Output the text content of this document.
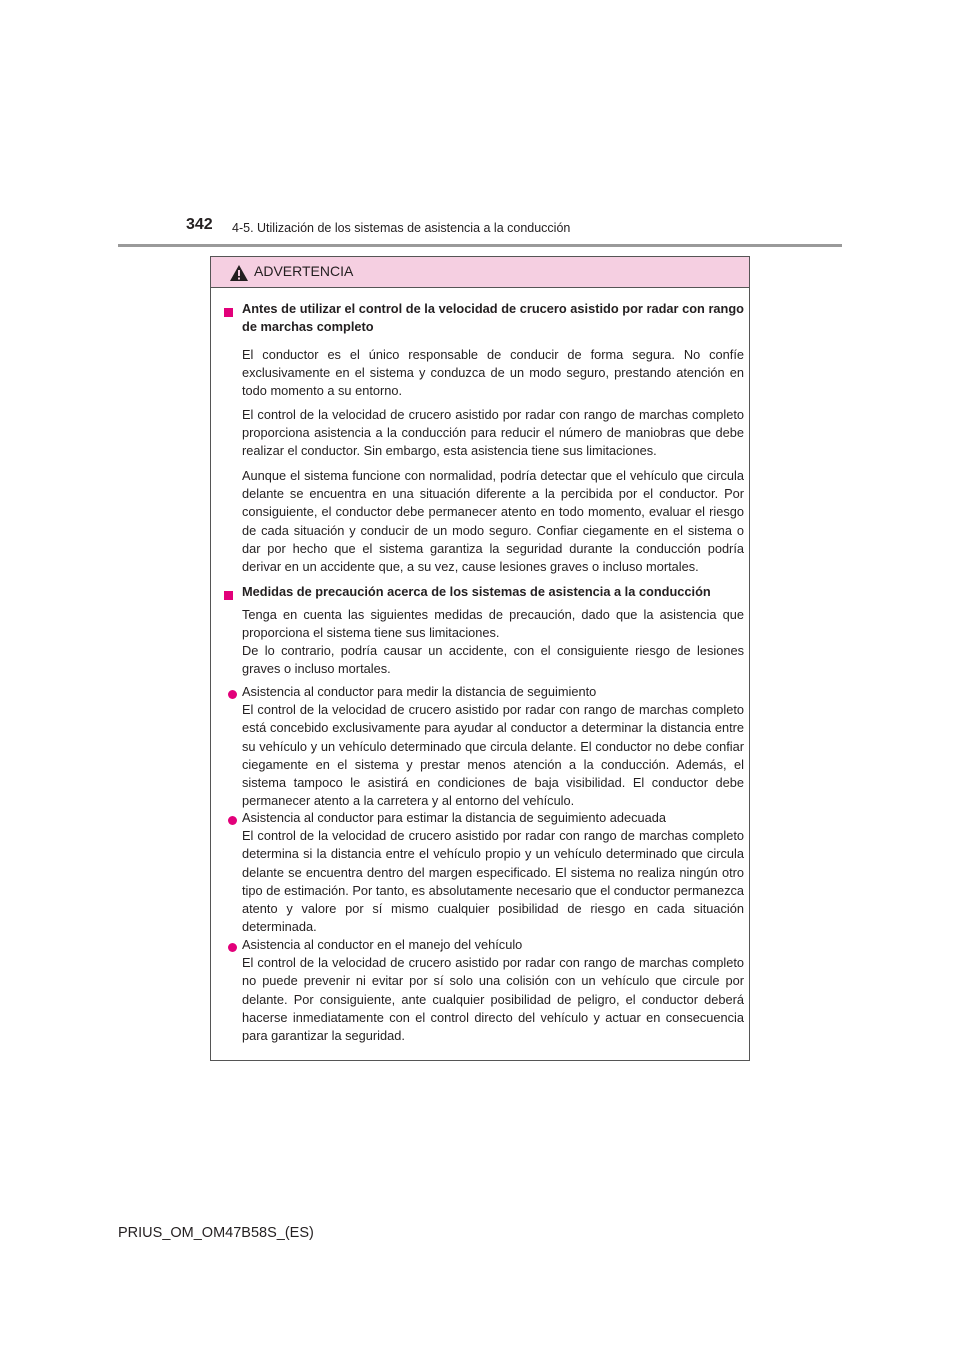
342 4-5. Utilización de los sistemas de asistencia a la conducción
ADVERTENCIA
Antes de utilizar el control de la velocidad de crucero asistido por radar con rango de marchas completo
El conductor es el único responsable de conducir de forma segura. No confíe exclusivamente en el sistema y conduzca de un modo seguro, prestando atención en todo momento a su entorno.
El control de la velocidad de crucero asistido por radar con rango de marchas completo proporciona asistencia a la conducción para reducir el número de maniobras que debe realizar el conductor. Sin embargo, esta asistencia tiene sus limitaciones.
Aunque el sistema funcione con normalidad, podría detectar que el vehículo que circula delante se encuentra en una situación diferente a la percibida por el conductor. Por consiguiente, el conductor debe permanecer atento en todo momento, evaluar el riesgo de cada situación y conducir de un modo seguro. Confiar ciegamente en el sistema o dar por hecho que el sistema garantiza la seguridad durante la conducción podría derivar en un accidente que, a su vez, cause lesiones graves o incluso mortales.
Medidas de precaución acerca de los sistemas de asistencia a la conducción
Tenga en cuenta las siguientes medidas de precaución, dado que la asistencia que proporciona el sistema tiene sus limitaciones.
De lo contrario, podría causar un accidente, con el consiguiente riesgo de lesiones graves o incluso mortales.
Asistencia al conductor para medir la distancia de seguimiento
El control de la velocidad de crucero asistido por radar con rango de marchas completo está concebido exclusivamente para ayudar al conductor a determinar la distancia entre su vehículo y un vehículo determinado que circula delante. El conductor no debe confiar ciegamente en el sistema y prestar menos atención a la conducción. Además, el sistema tampoco le asistirá en condiciones de baja visibilidad. El conductor debe permanecer atento a la carretera y al entorno del vehículo.
Asistencia al conductor para estimar la distancia de seguimiento adecuada
El control de la velocidad de crucero asistido por radar con rango de marchas completo determina si la distancia entre el vehículo propio y un vehículo determinado que circula delante se encuentra dentro del margen especificado. El sistema no realiza ningún otro tipo de estimación. Por tanto, es absolutamente necesario que el conductor permanezca atento y valore por sí mismo cualquier posibilidad de riesgo en cada situación determinada.
Asistencia al conductor en el manejo del vehículo
El control de la velocidad de crucero asistido por radar con rango de marchas completo no puede prevenir ni evitar por sí solo una colisión con un vehículo que circule por delante. Por consiguiente, ante cualquier posibilidad de peligro, el conductor deberá hacerse inmediatamente con el control directo del vehículo y actuar en consecuencia para garantizar la seguridad.
PRIUS_OM_OM47B58S_(ES)
